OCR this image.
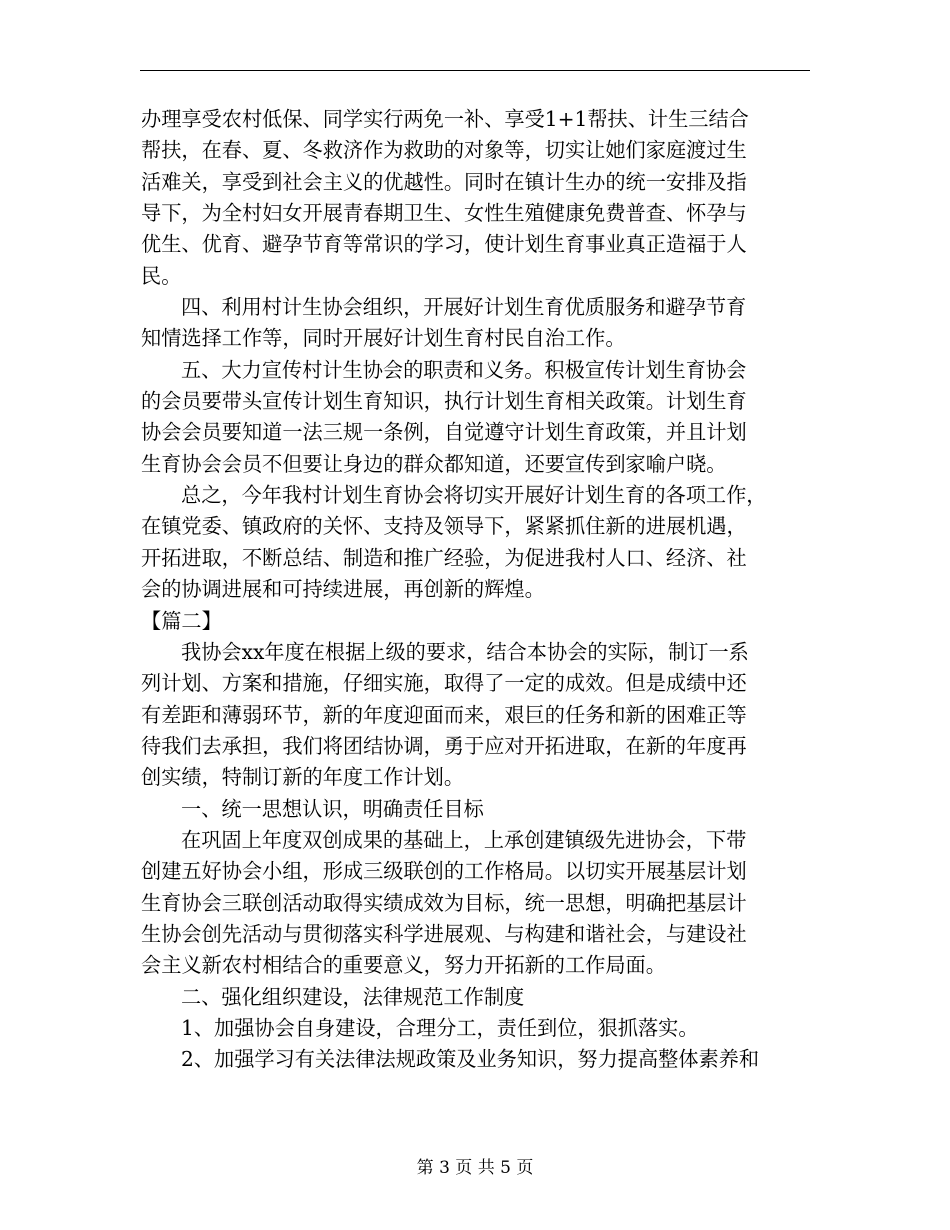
办理享受农村低保、同学实行两免一补、享受1+1帮扶、计生三结合
帮扶，在春、夏、冬救济作为救助的对象等，切实让她们家庭渡过生
活难关，享受到社会主义的优越性。同时在镇计生办的统一安排及指
导下，为全村妇女开展青春期卫生、女性生殖健康免费普查、怀孕与
优生、优育、避孕节育等常识的学习，使计划生育事业真正造福于人
民。
四、利用村计生协会组织，开展好计划生育优质服务和避孕节育
知情选择工作等，同时开展好计划生育村民自治工作。
五、大力宣传村计生协会的职责和义务。积极宣传计划生育协会
的会员要带头宣传计划生育知识，执行计划生育相关政策。计划生育
协会会员要知道一法三规一条例，自觉遵守计划生育政策，并且计划
生育协会会员不但要让身边的群众都知道，还要宣传到家喻户晓。
总之，今年我村计划生育协会将切实开展好计划生育的各项工作，
在镇党委、镇政府的关怀、支持及领导下，紧紧抓住新的进展机遇，
开拓进取，不断总结、制造和推广经验，为促进我村人口、经济、社
会的协调进展和可持续进展，再创新的辉煌。
【篇二】
我协会xx年度在根据上级的要求，结合本协会的实际，制订一系
列计划、方案和措施，仔细实施，取得了一定的成效。但是成绩中还
有差距和薄弱环节，新的年度迎面而来，艰巨的任务和新的困难正等
待我们去承担，我们将团结协调，勇于应对开拓进取，在新的年度再
创实绩，特制订新的年度工作计划。
一、统一思想认识，明确责任目标
在巩固上年度双创成果的基础上，上承创建镇级先进协会，下带
创建五好协会小组，形成三级联创的工作格局。以切实开展基层计划
生育协会三联创活动取得实绩成效为目标，统一思想，明确把基层计
生协会创先活动与贯彻落实科学进展观、与构建和谐社会，与建设社
会主义新农村相结合的重要意义，努力开拓新的工作局面。
二、强化组织建设，法律规范工作制度
1、加强协会自身建设，合理分工，责任到位，狠抓落实。
2、加强学习有关法律法规政策及业务知识，努力提高整体素养和
第 3 页 共 5 页
